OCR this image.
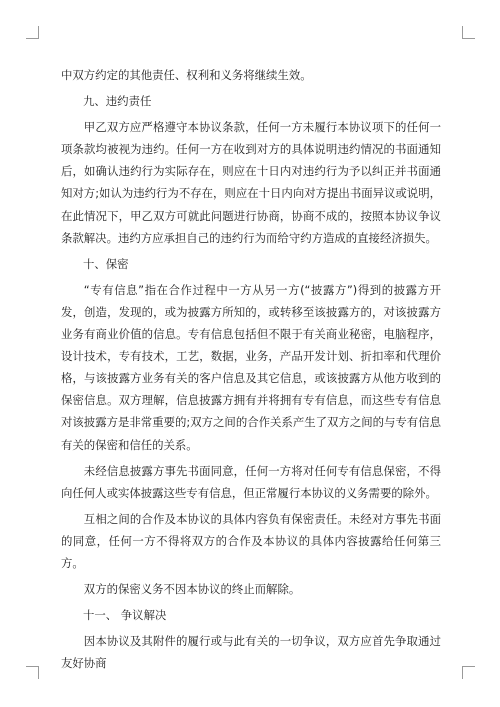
中双方约定的其他责任、权利和义务将继续生效。

九、违约责任

甲乙双方应严格遵守本协议条款，任何一方未履行本协议项下的任何一项条款均被视为违约。任何一方在收到对方的具体说明违约情况的书面通知后，如确认违约行为实际存在，则应在十日内对违约行为予以纠正并书面通知对方;如认为违约行为不存在，则应在十日内向对方提出书面异议或说明，在此情况下，甲乙双方可就此问题进行协商，协商不成的，按照本协议争议条款解决。违约方应承担自己的违约行为而给守约方造成的直接经济损失。

十、保密

“专有信息”指在合作过程中一方从另一方(“披露方”)得到的披露方开发，创造，发现的，或为披露方所知的，或转移至该披露方的，对该披露方业务有商业价值的信息。专有信息包括但不限于有关商业秘密，电脑程序，设计技术，专有技术，工艺，数据，业务，产品开发计划、折扣率和代理价格，与该披露方业务有关的客户信息及其它信息，或该披露方从他方收到的保密信息。双方理解，信息披露方拥有并将拥有专有信息，而这些专有信息对该披露方是非常重要的;双方之间的合作关系产生了双方之间的与专有信息有关的保密和信任的关系。

未经信息披露方事先书面同意，任何一方将对任何专有信息保密，不得向任何人或实体披露这些专有信息，但正常履行本协议的义务需要的除外。

互相之间的合作及本协议的具体内容负有保密责任。未经对方事先书面的同意，任何一方不得将双方的合作及本协议的具体内容披露给任何第三方。

双方的保密义务不因本协议的终止而解除。

十一、 争议解决

因本协议及其附件的履行或与此有关的一切争议，双方应首先争取通过友好协商
